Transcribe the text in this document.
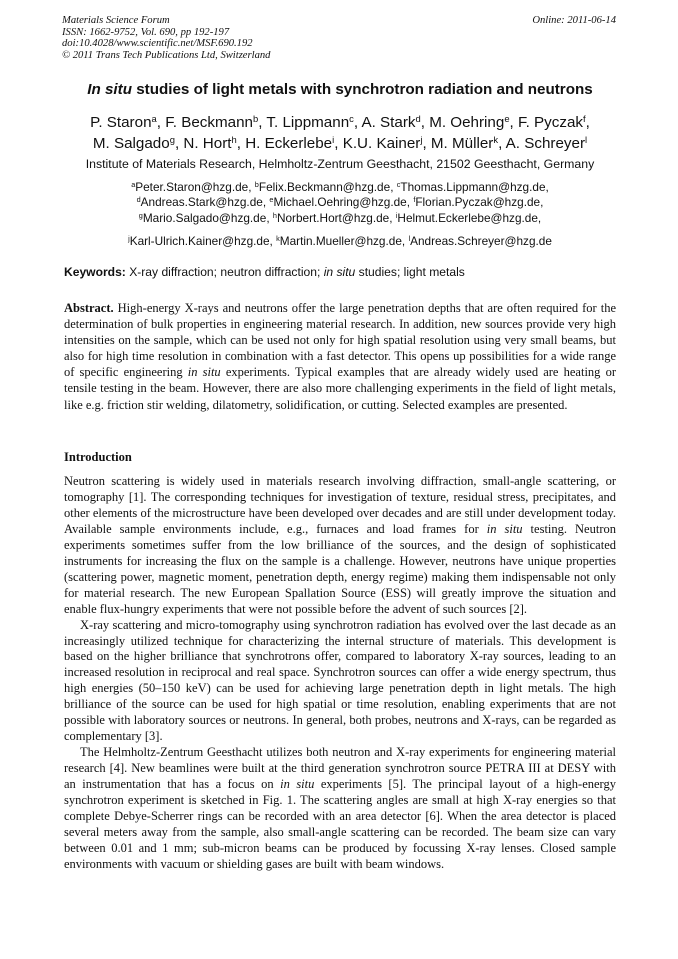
Materials Science Forum
ISSN: 1662-9752, Vol. 690, pp 192-197
doi:10.4028/www.scientific.net/MSF.690.192
© 2011 Trans Tech Publications Ltd, Switzerland
Online: 2011-06-14
In situ studies of light metals with synchrotron radiation and neutrons
P. Staron$^a$, F. Beckmann$^b$, T. Lippmann$^c$, A. Stark$^d$, M. Oehring$^e$, F. Pyczak$^f$,
M. Salgado$^g$, N. Hort$^h$, H. Eckerlebe$^i$, K.U. Kainer$^j$, M. Müller$^k$, A. Schreyer$^l$
Institute of Materials Research, Helmholtz-Zentrum Geesthacht, 21502 Geesthacht, Germany
$^a$Peter.Staron@hzg.de, $^b$Felix.Beckmann@hzg.de, $^c$Thomas.Lippmann@hzg.de,
$^d$Andreas.Stark@hzg.de, $^e$Michael.Oehring@hzg.de, $^f$Florian.Pyczak@hzg.de,
$^g$Mario.Salgado@hzg.de, $^h$Norbert.Hort@hzg.de, $^i$Helmut.Eckerlebe@hzg.de,
$^j$Karl-Ulrich.Kainer@hzg.de, $^k$Martin.Mueller@hzg.de, $^l$Andreas.Schreyer@hzg.de
Keywords: X-ray diffraction; neutron diffraction; in situ studies; light metals
Abstract. High-energy X-rays and neutrons offer the large penetration depths that are often required for the determination of bulk properties in engineering material research. In addition, new sources provide very high intensities on the sample, which can be used not only for high spatial resolution using very small beams, but also for high time resolution in combination with a fast detector. This opens up possibilities for a wide range of specific engineering in situ experiments. Typical examples that are already widely used are heating or tensile testing in the beam. However, there are also more challenging experiments in the field of light metals, like e.g. friction stir welding, dilatometry, solidification, or cutting. Selected examples are presented.
Introduction

Neutron scattering is widely used in materials research involving diffraction, small-angle scattering, or tomography [1]. The corresponding techniques for investigation of texture, residual stress, precipitates, and other elements of the microstructure have been developed over decades and are still under development today. Available sample environments include, e.g., furnaces and load frames for in situ testing. Neutron experiments sometimes suffer from the low brilliance of the sources, and the design of sophisticated instruments for increasing the flux on the sample is a challenge. However, neutrons have unique properties (scattering power, magnetic moment, penetration depth, energy regime) making them indispensable not only for material research. The new European Spallation Source (ESS) will greatly improve the situation and enable flux-hungry experiments that were not possible before the advent of such sources [2].

X-ray scattering and micro-tomography using synchrotron radiation has evolved over the last decade as an increasingly utilized technique for characterizing the internal structure of materials. This development is based on the higher brilliance that synchrotrons offer, compared to laboratory X-ray sources, leading to an increased resolution in reciprocal and real space. Synchrotron sources can offer a wide energy spectrum, thus high energies (50–150 keV) can be used for achieving large penetration depth in light metals. The high brilliance of the source can be used for high spatial or time resolution, enabling experiments that are not possible with laboratory sources or neutrons. In general, both probes, neutrons and X-rays, can be regarded as complementary [3].

The Helmholtz-Zentrum Geesthacht utilizes both neutron and X-ray experiments for engineering material research [4]. New beamlines were built at the third generation synchrotron source PETRA III at DESY with an instrumentation that has a focus on in situ experiments [5]. The principal layout of a high-energy synchrotron experiment is sketched in Fig. 1. The scattering angles are small at high X-ray energies so that complete Debye-Scherrer rings can be recorded with an area detector [6]. When the area detector is placed several meters away from the sample, also small-angle scattering can be recorded. The beam size can vary between 0.01 and 1 mm; sub-micron beams can be produced by focussing X-ray lenses. Closed sample environments with vacuum or shielding gases are built with beam windows.
